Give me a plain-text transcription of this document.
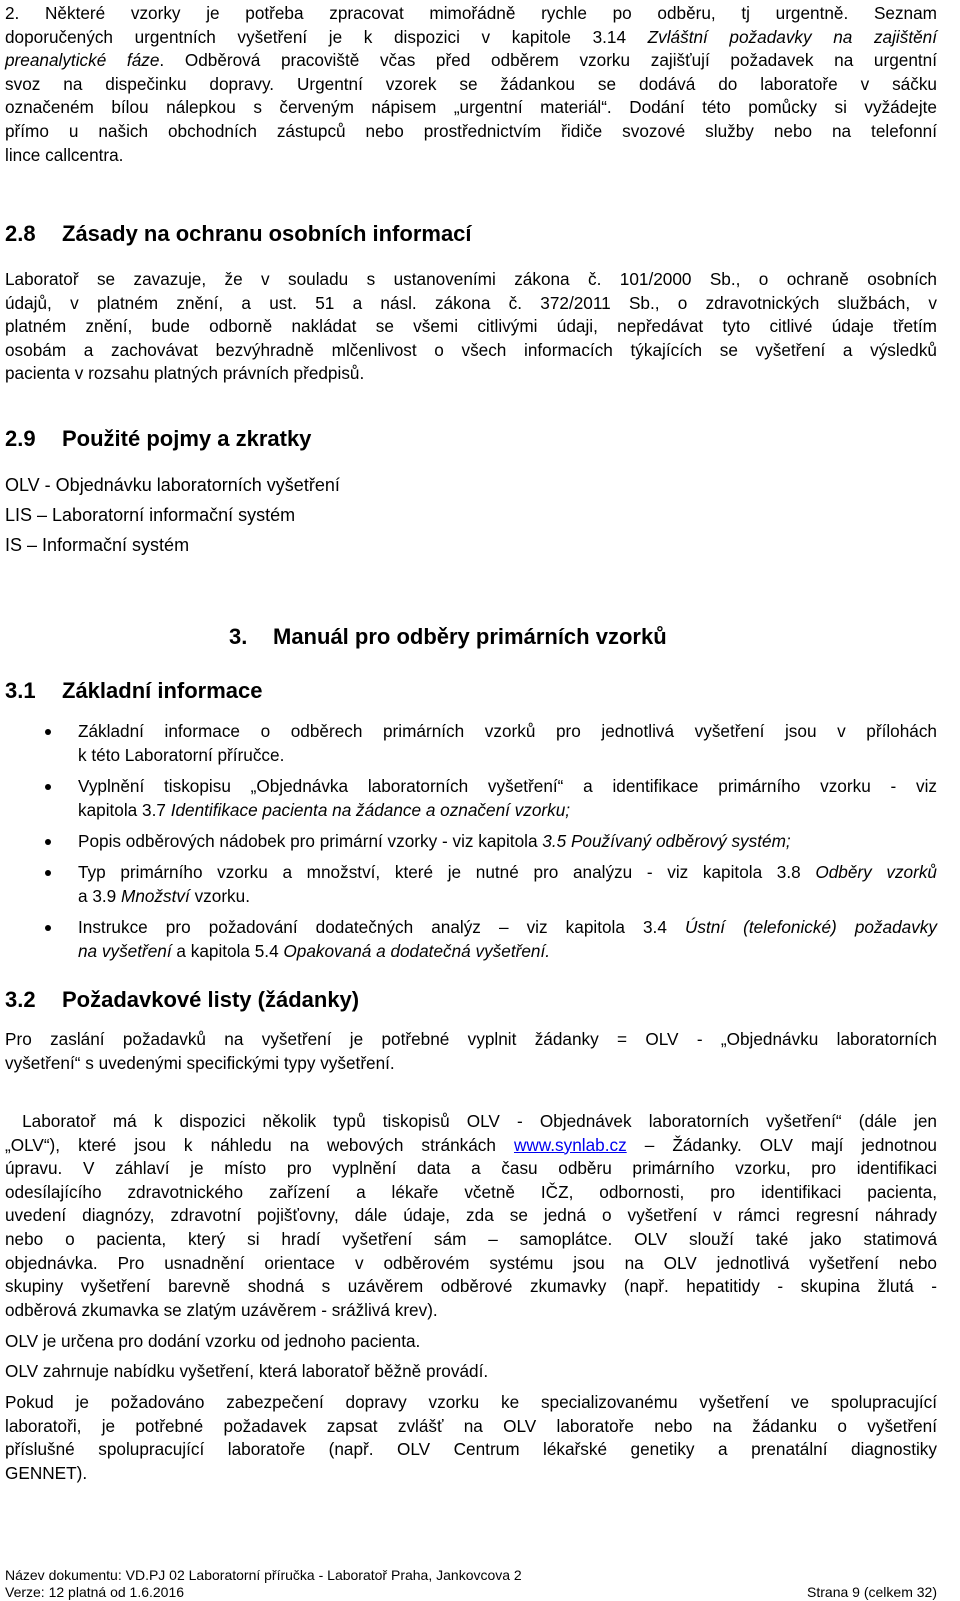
2. Některé vzorky je potřeba zpracovat mimořádně rychle po odběru, tj urgentně. Seznam
doporučených urgentních vyšetření je k dispozici v kapitole 3.14 Zvláštní požadavky na zajištění
preanalytické fáze. Odběrová pracoviště včas před odběrem vzorku zajišťují požadavek na urgentní
svoz na dispečinku dopravy. Urgentní vzorek se žádankou se dodává do laboratoře v sáčku
označeném bílou nálepkou s červeným nápisem „urgentní materiál“. Dodání této pomůcky si vyžádejte
přímo u našich obchodních zástupců nebo prostřednictvím řidiče svozové služby nebo na telefonní
lince callcentra.
2.8 Zásady na ochranu osobních informací
Laboratoř se zavazuje, že v souladu s ustanoveními zákona č. 101/2000 Sb., o ochraně osobních
údajů, v platném znění, a ust. 51 a násl. zákona č. 372/2011 Sb., o zdravotnických službách, v
platném znění, bude odborně nakládat se všemi citlivými údaji, nepředávat tyto citlivé údaje třetím
osobám a zachovávat bezvýhradně mlčenlivost o všech informacích týkajících se vyšetření a výsledků
pacienta v rozsahu platných právních předpisů.
2.9 Použité pojmy a zkratky
OLV - Objednávku laboratorních vyšetření
LIS – Laboratorní informační systém
IS – Informační systém
3. Manuál pro odběry primárních vzorků
3.1 Základní informace
Základní informace o odběrech primárních vzorků pro jednotlivá vyšetření jsou v přílohách
k této Laboratorní příručce.
Vyplnění tiskopisu „Objednávka laboratorních vyšetření“ a identifikace primárního vzorku - viz
kapitola 3.7 Identifikace pacienta na žádance a označení vzorku;
Popis odběrových nádobek pro primární vzorky - viz kapitola 3.5 Používaný odběrový systém;
Typ primárního vzorku a množství, které je nutné pro analýzu - viz kapitola 3.8 Odběry vzorků
a 3.9 Množství vzorku.
Instrukce pro požadování dodatečných analýz – viz kapitola 3.4 Ústní (telefonické) požadavky
na vyšetření a kapitola 5.4 Opakovaná a dodatečná vyšetření.
3.2 Požadavkové listy (žádanky)
Pro zaslání požadavků na vyšetření je potřebné vyplnit žádanky = OLV - „Objednávku laboratorních
vyšetření“ s uvedenými specifickými typy vyšetření.
Laboratoř má k dispozici několik typů tiskopisů OLV - Objednávek laboratorních vyšetření“ (dále jen
„OLV“), které jsou k náhledu na webových stránkách www.synlab.cz – Žádanky. OLV mají jednotnou
úpravu. V záhlaví je místo pro vyplnění data a času odběru primárního vzorku, pro identifikaci
odesílajícího zdravotnického zařízení a lékaře včetně IČZ, odbornosti, pro identifikaci pacienta,
uvedení diagnózy, zdravotní pojišťovny, dále údaje, zda se jedná o vyšetření v rámci regresní náhrady
nebo o pacienta, který si hradí vyšetření sám – samoplátce. OLV slouží také jako statimová
objednávka. Pro usnadnění orientace v odběrovém systému jsou na OLV jednotlivá vyšetření nebo
skupiny vyšetření barevně shodná s uzávěrem odběrové zkumavky (např. hepatitidy - skupina žlutá -
odběrová zkumavka se zlatým uzávěrem - srážlivá krev).
OLV je určena pro dodání vzorku od jednoho pacienta.
OLV zahrnuje nabídku vyšetření, která laboratoř běžně provádí.
Pokud je požadováno zabezpečení dopravy vzorku ke specializovanému vyšetření ve spolupracující
laboratoři, je potřebné požadavek zapsat zvlášť na OLV laboratoře nebo na žádanku o vyšetření
příslušné spolupracující laboratoře (např. OLV Centrum lékařské genetiky a prenatální diagnostiky
GENNET).
Název dokumentu: VD.PJ 02 Laboratorní příručka - Laboratoř Praha, Jankovcova 2
Verze: 12 platná od 1.6.2016	Strana 9 (celkem 32)
